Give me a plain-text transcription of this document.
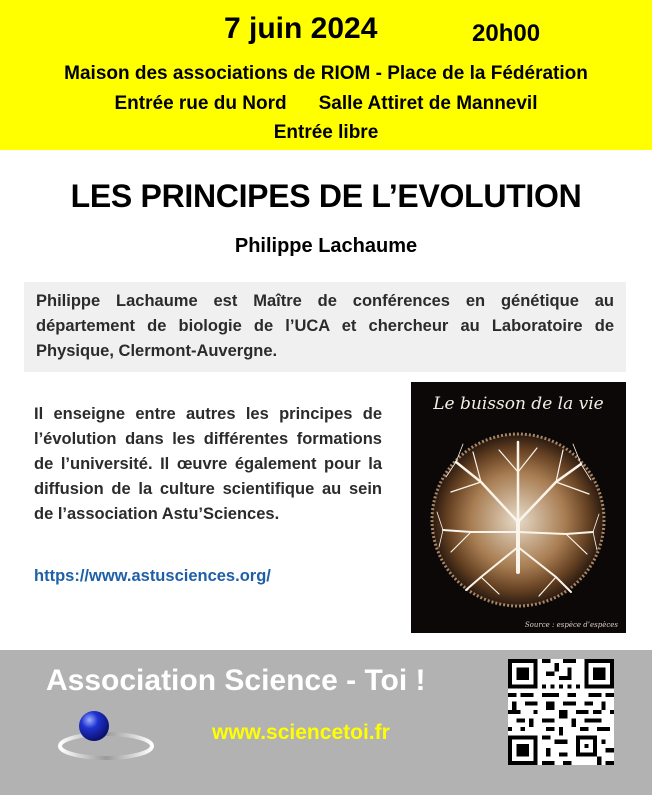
7 juin 2024	20h00
Maison des associations de RIOM - Place de la Fédération
Entrée rue du Nord Salle Attiret de Mannevil
Entrée libre
LES PRINCIPES DE L’EVOLUTION
Philippe Lachaume
Philippe Lachaume est Maître de conférences en génétique au département de biologie de l’UCA et chercheur au Laboratoire de Physique, Clermont-Auvergne.
Il enseigne entre autres les principes de l’évolution dans les différentes formations de l’université. Il œuvre également pour la diffusion de la culture scientifique au sein de l’association Astu’Sciences.
https://www.astusciences.org/
Le buisson de la vie
Source : espèce d’espèces
Association Science - Toi !
www.sciencetoi.fr
